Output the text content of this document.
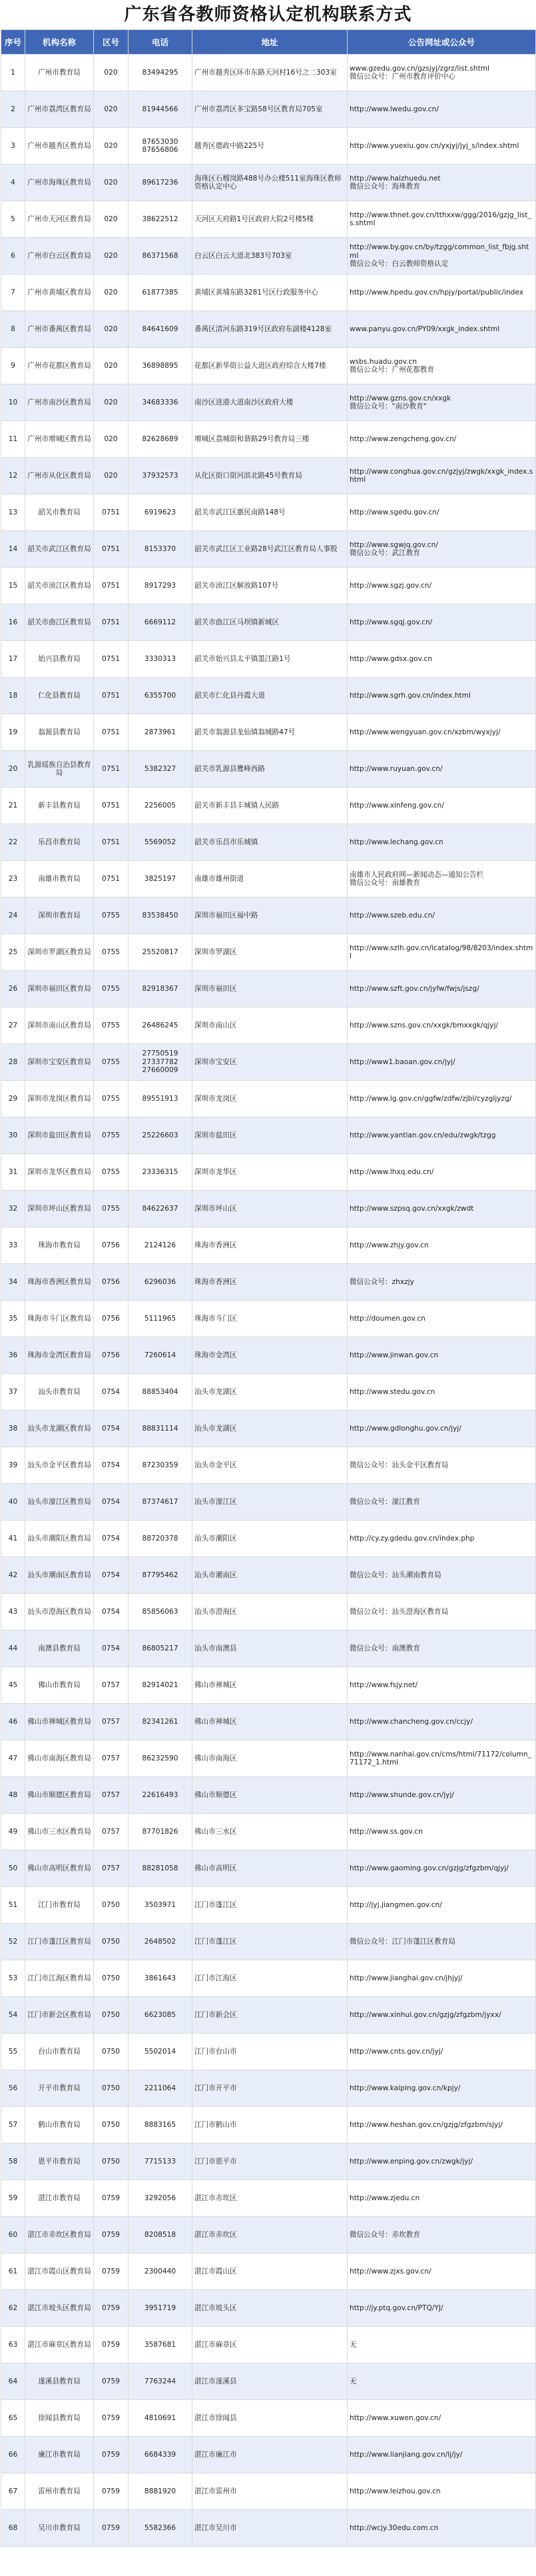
广东省各教师资格认定机构联系方式
序号	机构名称	区号	电话	地址	公告网址或公众号
1	广州市教育局	020	83494295	广州市越秀区环市东路天河村16号之二303室	www.gzedu.gov.cn/gzsjyj/zgrz/list.shtml
微信公众号：广州市教育评价中心
2	广州市荔湾区教育局	020	81944566	广州市荔湾区多宝路58号区教育局705室	http://www.lwedu.gov.cn/
3	广州市越秀区教育局	020	87653030
87656806	越秀区德政中路225号	http://www.yuexiu.gov.cn/yxjyj/jyj_s/index.shtml
4	广州市海珠区教育局	020	89617236	海珠区石榴岗路488号办公楼511室海珠区教师资格认定中心	http://www.haizhuedu.net
微信公众号：海珠教育
5	广州市天河区教育局	020	38622512	天河区天府路1号区政府大院2号楼5楼	http://www.thnet.gov.cn/tthxxw/ggg/2016/gzjg_list_s.shtml
6	广州市白云区教育局	020	86371568	白云区白云大道北383号703室	http://www.by.gov.cn/by/tzgg/common_list_fbjg.shtml
微信公众号：白云教师资格认定
7	广州市黄埔区教育局	020	61877385	黄埔区黄埔东路3281号区行政服务中心	http://www.hpedu.gov.cn/hpjy/portal/public/index
8	广州市番禺区教育局	020	84641609	番禺区清河东路319号区政府东副楼4128室	www.panyu.gov.cn/PY09/xxgk_index.shtml
9	广州市花都区教育局	020	36898895	花都区新华街公益大道区政府综合大楼7楼	wsbs.huadu.gov.cn
微信公众号：广州花都教育
10	广州市南沙区教育局	020	34683336	南沙区进港大道南沙区政府大楼	http://www.gzns.gov.cn/xxgk
微信公众号："南沙教育"
11	广州市增城区教育局	020	82628689	增城区荔城街和谐路29号教育局三楼	http://www.zengcheng.gov.cn/
12	广州市从化区教育局	020	37932573	从化区街口街河滨北路45号教育局	http://www.conghua.gov.cn/gzjyj/zwgk/xxgk_index.shtml
13	韶关市教育局	0751	6919623	韶关市武江区惠民南路148号	http://www.sgedu.gov.cn/
14	韶关市武江区教育局	0751	8153370	韶关市武江区工业路28号武江区教育局人事股	http://www.sgwjq.gov.cn/
微信公众号：武江教育
15	韶关市浈江区教育局	0751	8917293	韶关市浈江区解放路107号	http://www.sgzj.gov.cn/
16	韶关市曲江区教育局	0751	6669112	韶关市曲江区马坝镇新城区	http://www.sgqj.gov.cn/
17	始兴县教育局	0751	3330313	韶关市始兴县太平镇墨江路1号	http://www.gdsx.gov.cn
18	仁化县教育局	0751	6355700	韶关市仁化县丹霞大道	http://www.sgrh.gov.cn/index.html
19	翁源县教育局	0751	2873961	韶关市翁源县龙仙镇翁城路47号	http://www.wengyuan.gov.cn/xzbm/wyxjyj/
20	乳源瑶族自治县教育局	0751	5382327	韶关市乳源县鹰峰西路	http://www.ruyuan.gov.cn/
21	新丰县教育局	0751	2256005	韶关市新丰县丰城镇人民路	http://www.xinfeng.gov.cn/
22	乐昌市教育局	0751	5569052	韶关市乐昌市乐城镇	http://www.lechang.gov.cn
23	南雄市教育局	0751	3825197	南雄市雄州街道	南雄市人民政府网—新闻动态—通知公告栏
微信公众号：南雄教育
24	深圳市教育局	0755	83538450	深圳市福田区福中路	http://www.szeb.edu.cn/
25	深圳市罗湖区教育局	0755	25520817	深圳市罗湖区	http://www.szlh.gov.cn/icatalog/98/8203/index.shtml
26	深圳市福田区教育局	0755	82918367	深圳市福田区	http://www.szft.gov.cn/jyfw/fwjs/jszg/
27	深圳市南山区教育局	0755	26486245	深圳市南山区	http://www.szns.gov.cn/xxgk/bmxxgk/qjyj/
28	深圳市宝安区教育局	0755	27750519
27337782
27660009	深圳市宝安区	http://www1.baoan.gov.cn/jyj/
29	深圳市龙岗区教育局	0755	89551913	深圳市龙岗区	http://www.lg.gov.cn/ggfw/zdfw/zjbl/cyzgljyzg/
30	深圳市盐田区教育局	0755	25226603	深圳市盐田区	http://www.yantian.gov.cn/edu/zwgk/tzgg
31	深圳市龙华区教育局	0755	23336315	深圳市龙华区	http://www.lhxq.edu.cn/
32	深圳市坪山区教育局	0755	84622637	深圳市坪山区	http://www.szpsq.gov.cn/xxgk/zwdt
33	珠海市教育局	0756	2124126	珠海市香洲区	http://www.zhjy.gov.cn
34	珠海市香洲区教育局	0756	6296036	珠海市香洲区	微信公众号：zhxzjy
35	珠海市斗门区教育局	0756	5111965	珠海市斗门区	http://doumen.gov.cn
36	珠海市金湾区教育局	0756	7260614	珠海市金湾区	http://www.jinwan.gov.cn
37	汕头市教育局	0754	88853404	汕头市龙湖区	http://www.stedu.gov.cn
38	汕头市龙湖区教育局	0754	88831114	汕头市龙湖区	http://www.gdlonghu.gov.cn/jyj/
39	汕头市金平区教育局	0754	87230359	汕头市金平区	微信公众号：汕头金平区教育局
40	汕头市濠江区教育局	0754	87374617	汕头市濠江区	微信公众号：濠江教育
41	汕头市潮阳区教育局	0754	88720378	汕头市潮阳区	http://cy.zy.gdedu.gov.cn/index.php
42	汕头市潮南区教育局	0754	87795462	汕头市潮南区	微信公众号：汕头潮南教育局
43	汕头市澄海区教育局	0754	85856063	汕头市澄海区	微信公众号：汕头澄海区教育局
44	南澳县教育局	0754	86805217	汕头市南澳县	微信公众号：南澳教育
45	佛山市教育局	0757	82914021	佛山市禅城区	http://www.fsjy.net/
46	佛山市禅城区教育局	0757	82341261	佛山市禅城区	http://www.chancheng.gov.cn/ccjy/
47	佛山市南海区教育局	0757	86232590	佛山市南海区	http://www.nanhai.gov.cn/cms/html/71172/column_71172_1.html
48	佛山市顺德区教育局	0757	22616493	佛山市顺德区	http://www.shunde.gov.cn/jyj/
49	佛山市三水区教育局	0757	87701826	佛山市三水区	http://www.ss.gov.cn
50	佛山市高明区教育局	0757	88281058	佛山市高明区	http://www.gaoming.gov.cn/gzjg/zfgzbm/qjyj/
51	江门市教育局	0750	3503971	江门市蓬江区	http://jyj.jiangmen.gov.cn/
52	江门市蓬江区教育局	0750	2648502	江门市蓬江区	微信公众号：江门市蓬江区教育局
53	江门市江海区教育局	0750	3861643	江门市江海区	http://www.jianghai.gov.cn/jhjyj/
54	江门市新会区教育局	0750	6623085	江门市新会区	http://www.xinhui.gov.cn/gzjg/zfgzbm/jyxx/
55	台山市教育局	0750	5502014	江门市台山市	http://www.cnts.gov.cn/jyj/
56	开平市教育局	0750	2211064	江门市开平市	http://www.kaiping.gov.cn/kpjy/
57	鹤山市教育局	0750	8883165	江门市鹤山市	http://www.heshan.gov.cn/gzjg/zfgzbm/sjyj/
58	恩平市教育局	0750	7715133	江门市恩平市	http://www.enping.gov.cn/zwgk/jyj/
59	湛江市教育局	0759	3292056	湛江市赤坎区	http://www.zjedu.cn
60	湛江市赤坎区教育局	0759	8208518	湛江市赤坎区	微信公众号：赤坎教育
61	湛江市霞山区教育局	0759	2300440	湛江市霞山区	http://www.zjxs.gov.cn/
62	湛江市坡头区教育局	0759	3951719	湛江市坡头区	http://jy.ptq.gov.cn/PTQ/YJ/
63	湛江市麻章区教育局	0759	3587681	湛江市麻章区	无
64	遂溪县教育局	0759	7763244	湛江市遂溪县	无
65	徐闻县教育局	0759	4810691	湛江市徐闻县	http://www.xuwen.gov.cn/
66	廉江市教育局	0759	6684339	湛江市廉江市	http://www.lianjiang.gov.cn/lj/jy/
67	雷州市教育局	0759	8881920	湛江市雷州市	http://www.leizhou.gov.cn
68	吴川市教育局	0759	5582366	湛江市吴川市	http://wcjy.30edu.com.cn
